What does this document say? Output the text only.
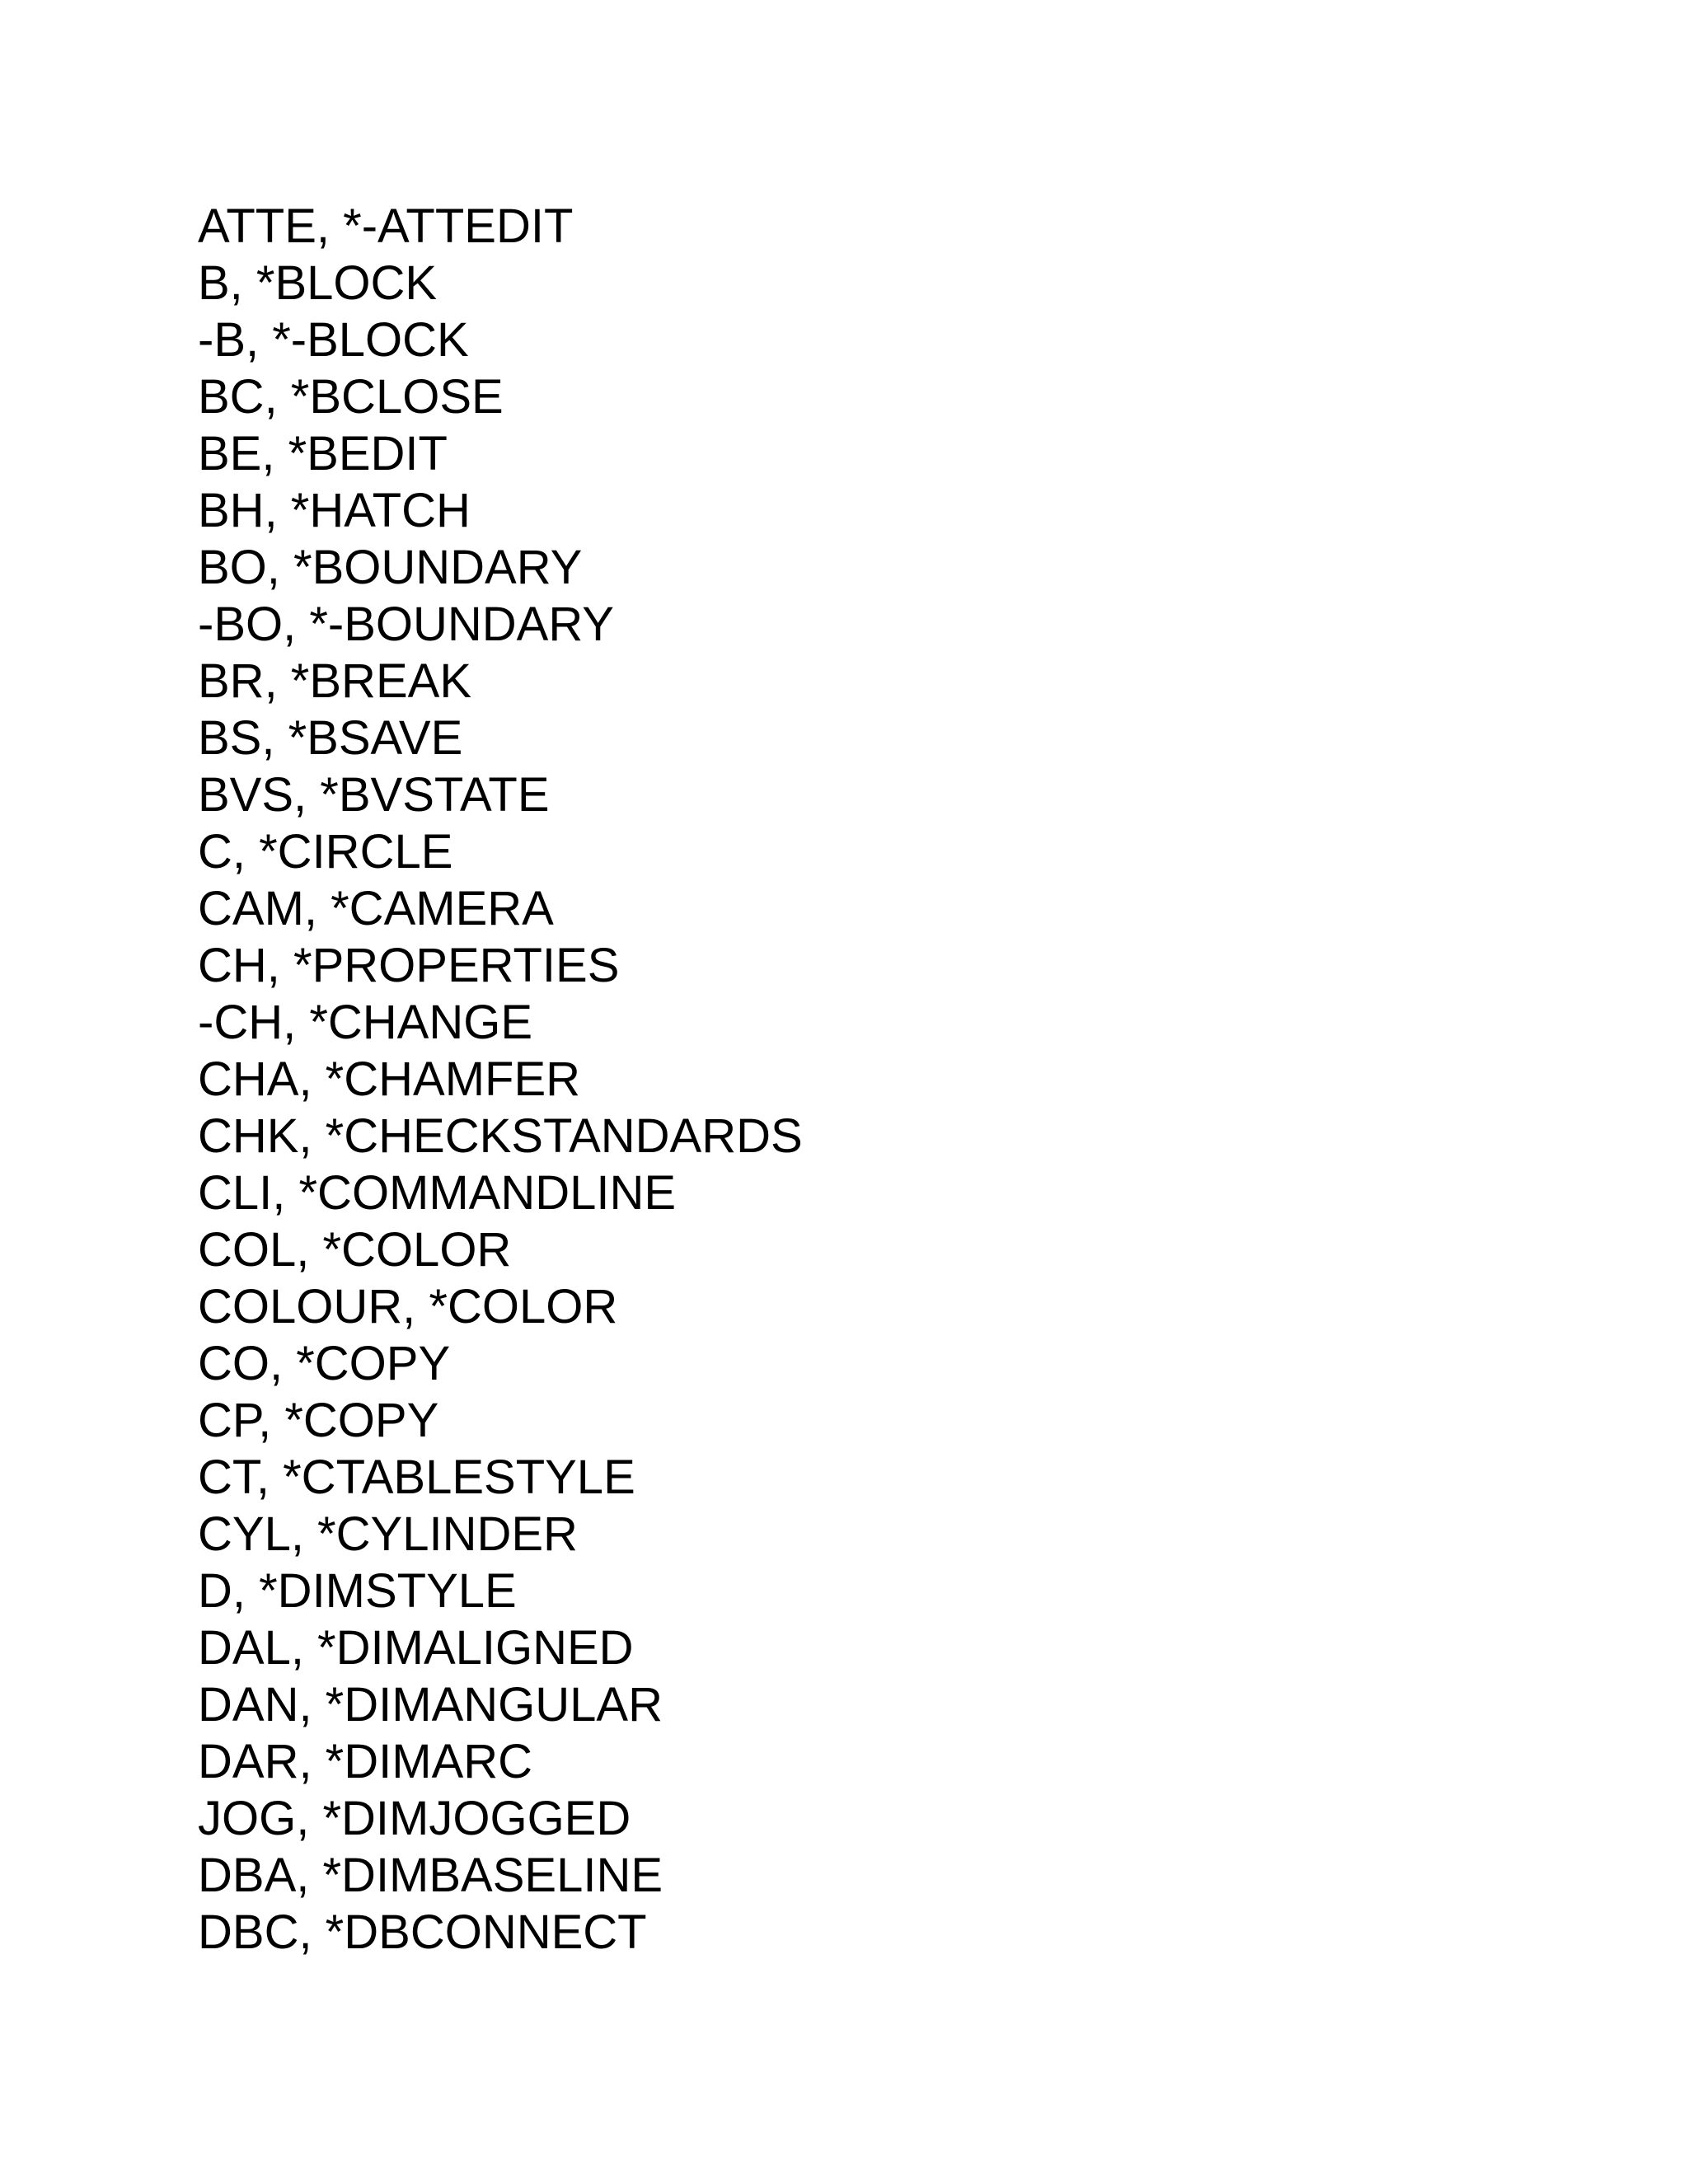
ATTE, *-ATTEDIT
B, *BLOCK
-B, *-BLOCK
BC, *BCLOSE
BE, *BEDIT
BH, *HATCH
BO, *BOUNDARY
-BO, *-BOUNDARY
BR, *BREAK
BS, *BSAVE
BVS, *BVSTATE
C, *CIRCLE
CAM, *CAMERA
CH, *PROPERTIES
-CH, *CHANGE
CHA, *CHAMFER
CHK, *CHECKSTANDARDS
CLI, *COMMANDLINE
COL, *COLOR
COLOUR, *COLOR
CO, *COPY
CP, *COPY
CT, *CTABLESTYLE
CYL, *CYLINDER
D, *DIMSTYLE
DAL, *DIMALIGNED
DAN, *DIMANGULAR
DAR, *DIMARC
JOG, *DIMJOGGED
DBA, *DIMBASELINE
DBC, *DBCONNECT
